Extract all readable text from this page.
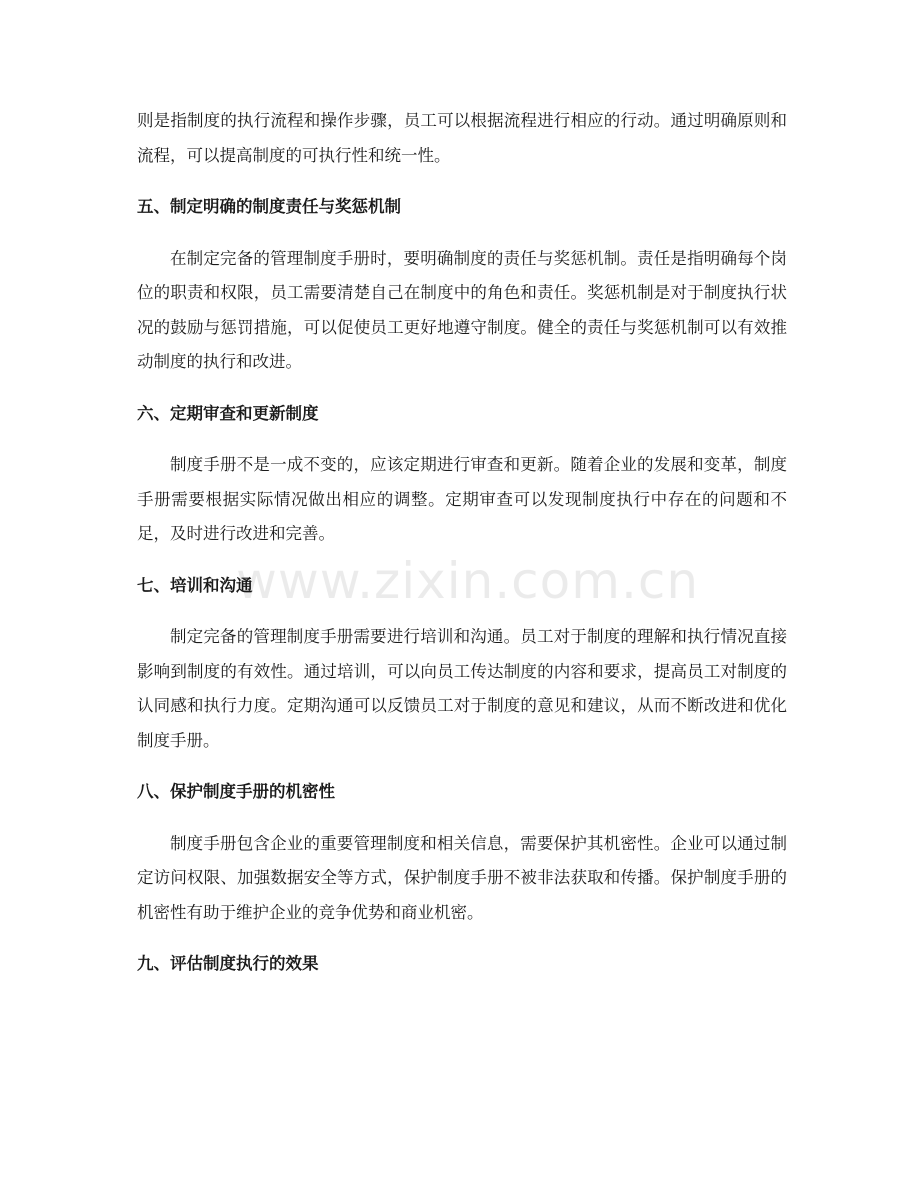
则是指制度的执行流程和操作步骤，员工可以根据流程进行相应的行动。通过明确原则和流程，可以提高制度的可执行性和统一性。

五、制定明确的制度责任与奖惩机制

在制定完备的管理制度手册时，要明确制度的责任与奖惩机制。责任是指明确每个岗位的职责和权限，员工需要清楚自己在制度中的角色和责任。奖惩机制是对于制度执行状况的鼓励与惩罚措施，可以促使员工更好地遵守制度。健全的责任与奖惩机制可以有效推动制度的执行和改进。

六、定期审查和更新制度

制度手册不是一成不变的，应该定期进行审查和更新。随着企业的发展和变革，制度手册需要根据实际情况做出相应的调整。定期审查可以发现制度执行中存在的问题和不足，及时进行改进和完善。

七、培训和沟通

制定完备的管理制度手册需要进行培训和沟通。员工对于制度的理解和执行情况直接影响到制度的有效性。通过培训，可以向员工传达制度的内容和要求，提高员工对制度的认同感和执行力度。定期沟通可以反馈员工对于制度的意见和建议，从而不断改进和优化制度手册。

八、保护制度手册的机密性

制度手册包含企业的重要管理制度和相关信息，需要保护其机密性。企业可以通过制定访问权限、加强数据安全等方式，保护制度手册不被非法获取和传播。保护制度手册的机密性有助于维护企业的竞争优势和商业机密。

九、评估制度执行的效果
www.zixin.com.cn
